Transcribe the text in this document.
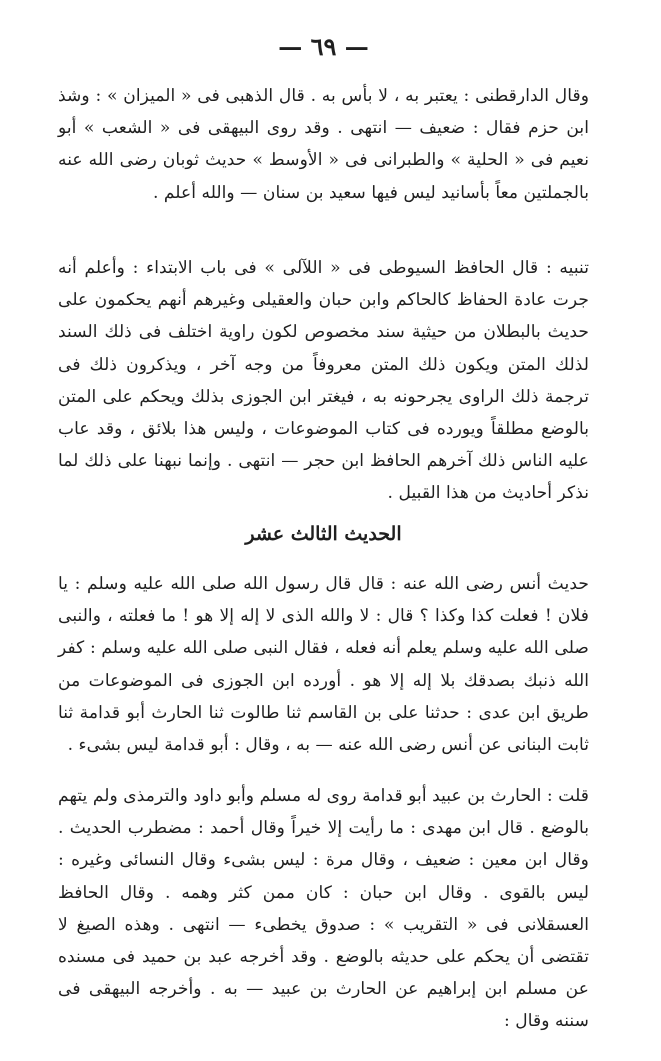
— ٦٩ —

وقال الدارقطنى : يعتبر به ، لا بأس به . قال الذهبى فى « الميزان » : وشذ ابن حزم فقال : ضعيف — انتهى . وقد روى البيهقى فى « الشعب » أبو نعيم فى « الحلية » والطبرانى فى « الأوسط » حديث ثوبان رضى الله عنه بالجملتين معاً بأسانيد ليس فيها سعيد بن سنان — والله أعلم .

تنبيه : قال الحافظ السيوطى فى « اللآلى » فى باب الابتداء : وأعلم أنه جرت عادة الحفاظ كالحاكم وابن حبان والعقيلى وغيرهم أنهم يحكمون على حديث بالبطلان من حيثية سند مخصوص لكون راوية اختلف فى ذلك السند لذلك المتن ويكون ذلك المتن معروفاً من وجه آخر ، ويذكرون ذلك فى ترجمة ذلك الراوى يجرحونه به ، فيغتر ابن الجوزى بذلك ويحكم على المتن بالوضع مطلقاً ويورده فى كتاب الموضوعات ، وليس هذا بلائق ، وقد عاب عليه الناس ذلك آخرهم الحافظ ابن حجر — انتهى . وإنما نبهنا على ذلك لما نذكر أحاديث من هذا القبيل .

الحديث الثالث عشر

حديث أنس رضى الله عنه : قال قال رسول الله صلى الله عليه وسلم : يا فلان ! فعلت كذا وكذا ؟ قال : لا والله الذى لا إله إلا هو ! ما فعلته ، والنبى صلى الله عليه وسلم يعلم أنه فعله ، فقال النبى صلى الله عليه وسلم : كفر الله ذنبك بصدقك بلا إله إلا هو . أورده ابن الجوزى فى الموضوعات من طريق ابن عدى : حدثنا على بن القاسم ثنا طالوت ثنا الحارث أبو قدامة ثنا ثابت البنانى عن أنس رضى الله عنه — به ، وقال : أبو قدامة ليس بشىء .

قلت : الحارث بن عبيد أبو قدامة روى له مسلم وأبو داود والترمذى ولم يتهم بالوضع . قال ابن مهدى : ما رأيت إلا خيراً وقال أحمد : مضطرب الحديث . وقال ابن معين : ضعيف ، وقال مرة : ليس بشىء وقال النسائى وغيره : ليس بالقوى . وقال ابن حبان : كان ممن كثر وهمه . وقال الحافظ العسقلانى فى « التقريب » : صدوق يخطىء — انتهى . وهذه الصيغ لا تقتضى أن يحكم على حديثه بالوضع . وقد أخرجه عبد بن حميد فى مسنده عن مسلم ابن إبراهيم عن الحارث بن عبيد — به . وأخرجه البيهقى فى سننه وقال :
